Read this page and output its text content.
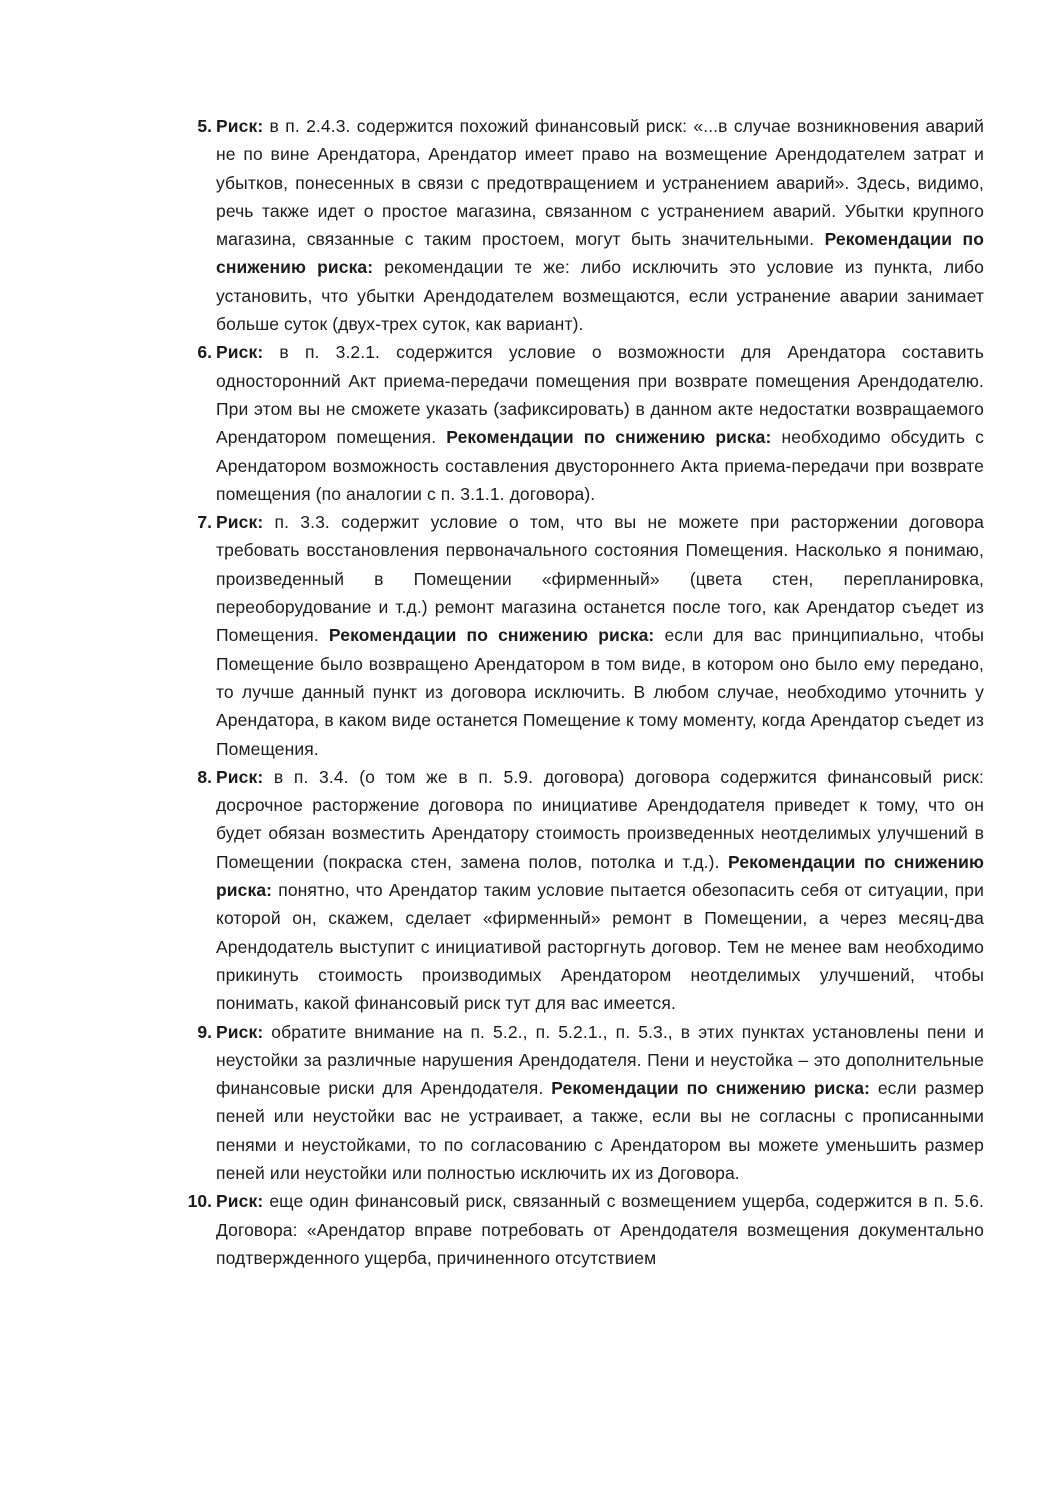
5. Риск: в п. 2.4.3. содержится похожий финансовый риск: «...в случае возникновения аварий не по вине Арендатора, Арендатор имеет право на возмещение Арендодателем затрат и убытков, понесенных в связи с предотвращением и устранением аварий». Здесь, видимо, речь также идет о простое магазина, связанном с устранением аварий. Убытки крупного магазина, связанные с таким простоем, могут быть значительными. Рекомендации по снижению риска: рекомендации те же: либо исключить это условие из пункта, либо установить, что убытки Арендодателем возмещаются, если устранение аварии занимает больше суток (двух-трех суток, как вариант).
6. Риск: в п. 3.2.1. содержится условие о возможности для Арендатора составить односторонний Акт приема-передачи помещения при возврате помещения Арендодателю. При этом вы не сможете указать (зафиксировать) в данном акте недостатки возвращаемого Арендатором помещения. Рекомендации по снижению риска: необходимо обсудить с Арендатором возможность составления двустороннего Акта приема-передачи при возврате помещения (по аналогии с п. 3.1.1. договора).
7. Риск: п. 3.3. содержит условие о том, что вы не можете при расторжении договора требовать восстановления первоначального состояния Помещения. Насколько я понимаю, произведенный в Помещении «фирменный» (цвета стен, перепланировка, переоборудование и т.д.) ремонт магазина останется после того, как Арендатор съедет из Помещения. Рекомендации по снижению риска: если для вас принципиально, чтобы Помещение было возвращено Арендатором в том виде, в котором оно было ему передано, то лучше данный пункт из договора исключить. В любом случае, необходимо уточнить у Арендатора, в каком виде останется Помещение к тому моменту, когда Арендатор съедет из Помещения.
8. Риск: в п. 3.4. (о том же в п. 5.9. договора) договора содержится финансовый риск: досрочное расторжение договора по инициативе Арендодателя приведет к тому, что он будет обязан возместить Арендатору стоимость произведенных неотделимых улучшений в Помещении (покраска стен, замена полов, потолка и т.д.). Рекомендации по снижению риска: понятно, что Арендатор таким условие пытается обезопасить себя от ситуации, при которой он, скажем, сделает «фирменный» ремонт в Помещении, а через месяц-два Арендодатель выступит с инициативой расторгнуть договор. Тем не менее вам необходимо прикинуть стоимость производимых Арендатором неотделимых улучшений, чтобы понимать, какой финансовый риск тут для вас имеется.
9. Риск: обратите внимание на п. 5.2., п. 5.2.1., п. 5.3., в этих пунктах установлены пени и неустойки за различные нарушения Арендодателя. Пени и неустойка – это дополнительные финансовые риски для Арендодателя. Рекомендации по снижению риска: если размер пеней или неустойки вас не устраивает, а также, если вы не согласны с прописанными пенями и неустойками, то по согласованию с Арендатором вы можете уменьшить размер пеней или неустойки или полностью исключить их из Договора.
10. Риск: еще один финансовый риск, связанный с возмещением ущерба, содержится в п. 5.6. Договора: «Арендатор вправе потребовать от Арендодателя возмещения документально подтвержденного ущерба, причиненного отсутствием
